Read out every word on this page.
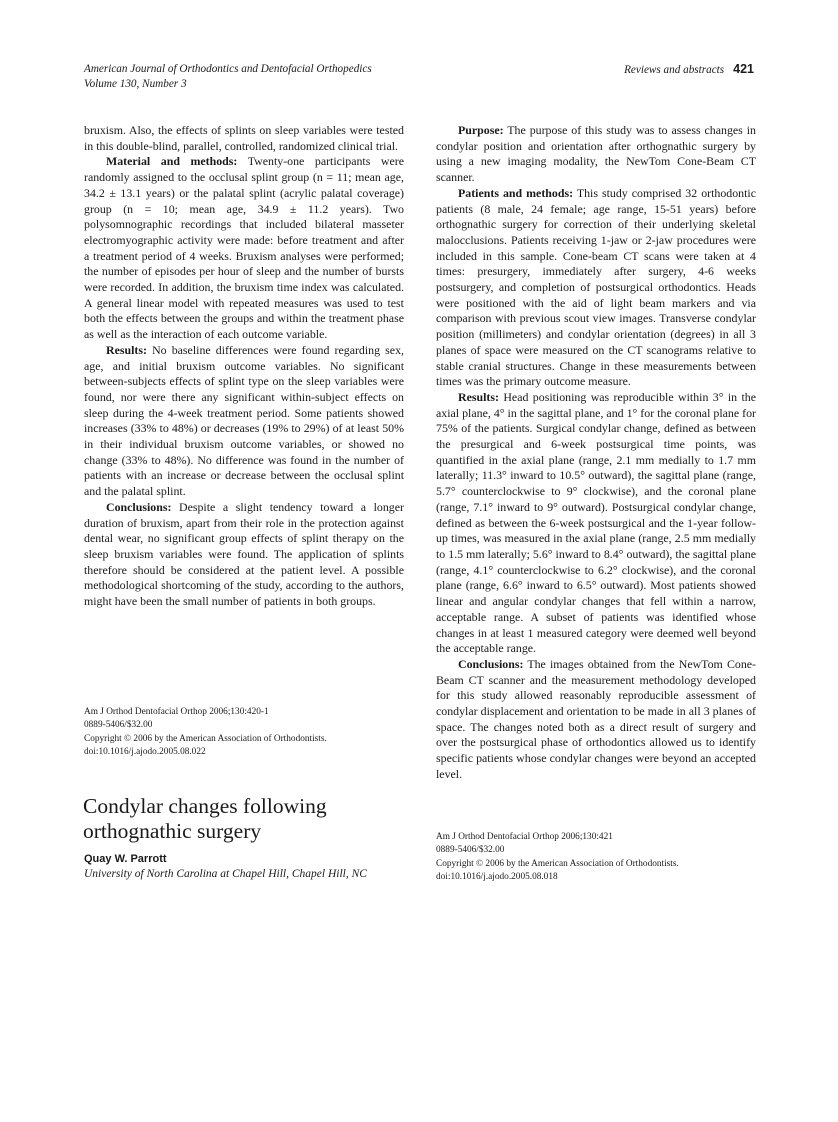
American Journal of Orthodontics and Dentofacial Orthopedics
Volume 130, Number 3
Reviews and abstracts 421

bruxism. Also, the effects of splints on sleep variables were tested in this double-blind, parallel, controlled, randomized clinical trial.

Material and methods: Twenty-one participants were randomly assigned to the occlusal splint group (n = 11; mean age, 34.2 ± 13.1 years) or the palatal splint (acrylic palatal coverage) group (n = 10; mean age, 34.9 ± 11.2 years). Two polysomnographic recordings that included bilateral masseter electromyographic activity were made: before treatment and after a treatment period of 4 weeks. Bruxism analyses were performed; the number of episodes per hour of sleep and the number of bursts were recorded. In addition, the bruxism time index was calculated. A general linear model with repeated measures was used to test both the effects between the groups and within the treatment phase as well as the interaction of each outcome variable.

Results: No baseline differences were found regarding sex, age, and initial bruxism outcome variables. No significant between-subjects effects of splint type on the sleep variables were found, nor were there any significant within-subject effects on sleep during the 4-week treatment period. Some patients showed increases (33% to 48%) or decreases (19% to 29%) of at least 50% in their individual bruxism outcome variables, or showed no change (33% to 48%). No difference was found in the number of patients with an increase or decrease between the occlusal splint and the palatal splint.

Conclusions: Despite a slight tendency toward a longer duration of bruxism, apart from their role in the protection against dental wear, no significant group effects of splint therapy on the sleep bruxism variables were found. The application of splints therefore should be considered at the patient level. A possible methodological shortcoming of the study, according to the authors, might have been the small number of patients in both groups.

Am J Orthod Dentofacial Orthop 2006;130:420-1
0889-5406/$32.00
Copyright © 2006 by the American Association of Orthodontists.
doi:10.1016/j.ajodo.2005.08.022
Condylar changes following
orthognathic surgery
Quay W. Parrott
University of North Carolina at Chapel Hill, Chapel Hill, NC

Purpose: The purpose of this study was to assess changes in condylar position and orientation after orthognathic surgery by using a new imaging modality, the NewTom Cone-Beam CT scanner.

Patients and methods: This study comprised 32 orthodontic patients (8 male, 24 female; age range, 15-51 years) before orthognathic surgery for correction of their underlying skeletal malocclusions. Patients receiving 1-jaw or 2-jaw procedures were included in this sample. Cone-beam CT scans were taken at 4 times: presurgery, immediately after surgery, 4-6 weeks postsurgery, and completion of postsurgical orthodontics. Heads were positioned with the aid of light beam markers and via comparison with previous scout view images. Transverse condylar position (millimeters) and condylar orientation (degrees) in all 3 planes of space were measured on the CT scanograms relative to stable cranial structures. Change in these measurements between times was the primary outcome measure.

Results: Head positioning was reproducible within 3° in the axial plane, 4° in the sagittal plane, and 1° for the coronal plane for 75% of the patients. Surgical condylar change, defined as between the presurgical and 6-week postsurgical time points, was quantified in the axial plane (range, 2.1 mm medially to 1.7 mm laterally; 11.3° inward to 10.5° outward), the sagittal plane (range, 5.7° counterclockwise to 9° clockwise), and the coronal plane (range, 7.1° inward to 9° outward). Postsurgical condylar change, defined as between the 6-week postsurgical and the 1-year follow-up times, was measured in the axial plane (range, 2.5 mm medially to 1.5 mm laterally; 5.6° inward to 8.4° outward), the sagittal plane (range, 4.1° counterclockwise to 6.2° clockwise), and the coronal plane (range, 6.6° inward to 6.5° outward). Most patients showed linear and angular condylar changes that fell within a narrow, acceptable range. A subset of patients was identified whose changes in at least 1 measured category were deemed well beyond the acceptable range.

Conclusions: The images obtained from the NewTom Cone-Beam CT scanner and the measurement methodology developed for this study allowed reasonably reproducible assessment of condylar displacement and orientation to be made in all 3 planes of space. The changes noted both as a direct result of surgery and over the postsurgical phase of orthodontics allowed us to identify specific patients whose condylar changes were beyond an accepted level.

Am J Orthod Dentofacial Orthop 2006;130:421
0889-5406/$32.00
Copyright © 2006 by the American Association of Orthodontists.
doi:10.1016/j.ajodo.2005.08.018
